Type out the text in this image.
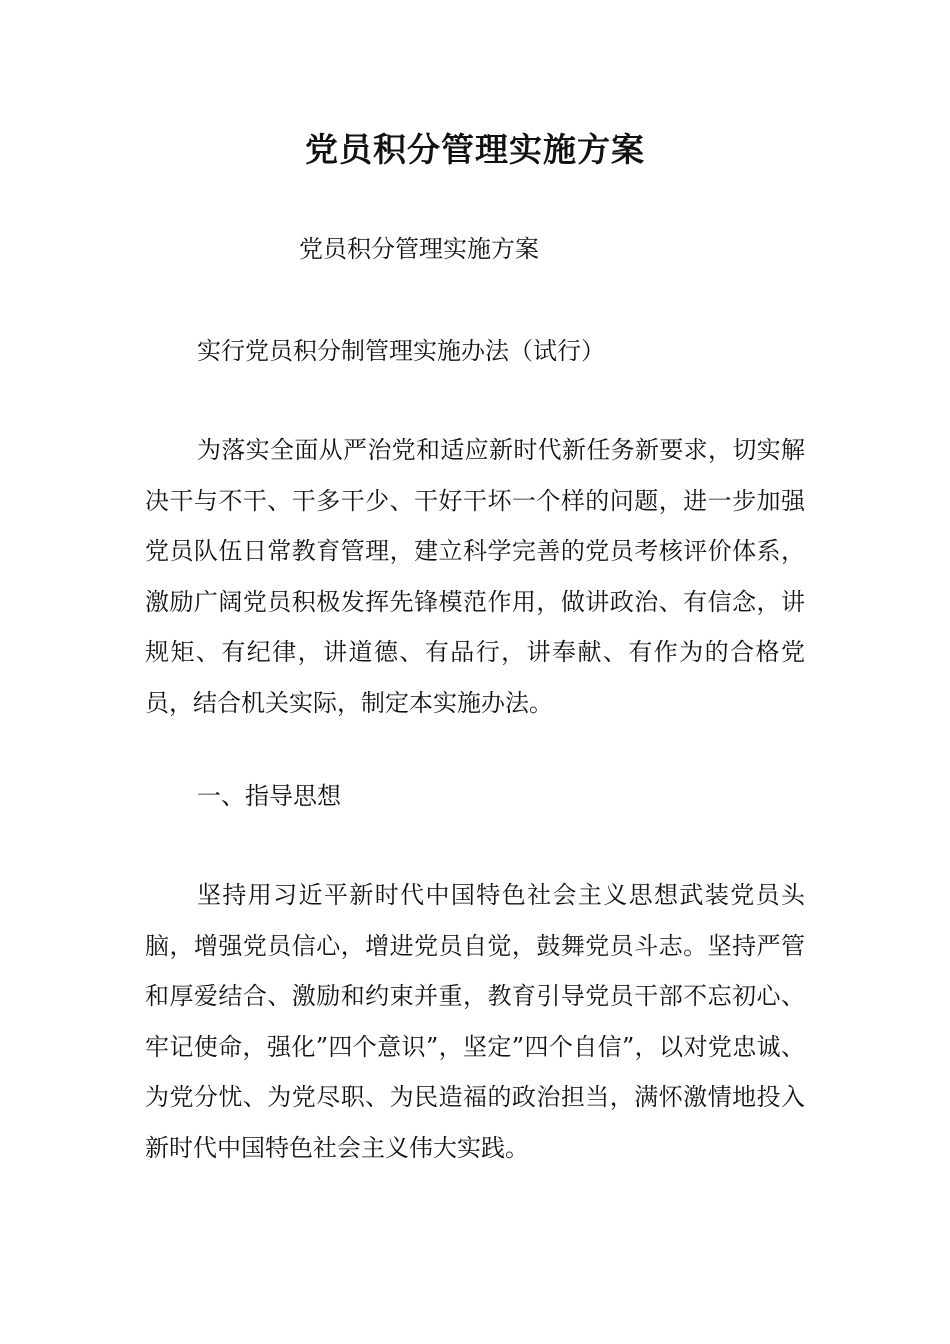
党员积分管理实施方案

党员积分管理实施方案

实行党员积分制管理实施办法（试行）

为落实全面从严治党和适应新时代新任务新要求，切实解决干与不干、干多干少、干好干坏一个样的问题，进一步加强党员队伍日常教育管理，建立科学完善的党员考核评价体系，激励广阔党员积极发挥先锋模范作用，做讲政治、有信念，讲规矩、有纪律，讲道德、有品行，讲奉献、有作为的合格党员，结合机关实际，制定本实施办法。

一、指导思想

坚持用习近平新时代中国特色社会主义思想武装党员头脑，增强党员信心，增进党员自觉，鼓舞党员斗志。坚持严管和厚爱结合、激励和约束并重，教育引导党员干部不忘初心、牢记使命，强化”四个意识”，坚定”四个自信”，以对党忠诚、为党分忧、为党尽职、为民造福的政治担当，满怀激情地投入新时代中国特色社会主义伟大实践。
